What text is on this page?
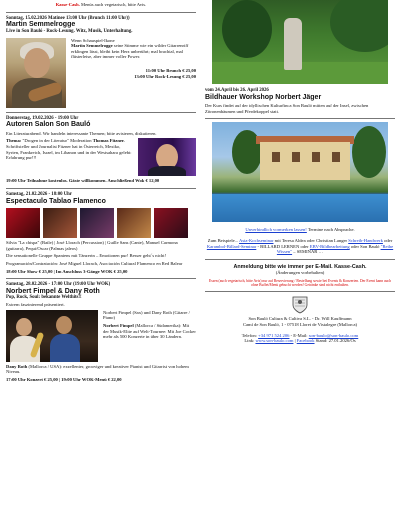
Kasse-Cash. Menüs auch vegetarisch, bitte Avis.
Sonntag, 15.02.2026 Matinee 13:00 Uhr (Brunch 11:00 Uhr))
Martin Semmelrogge
Live in Son Bauló - Rock-Lesung. Witz, Musik, Unterhaltung.

Wenn Schauspiel-Ikone
Martin Semmelrogge seine Stimme wie ein wilder Gitarrenriff erklingen lässt, bleibt kein Herz unberührt; mal brachial, mal flüsterleise, aber immer voller Power.

11:00 Uhr Brunch € 25,00
13:00 Uhr Rock-Lesung € 25,00
Donnerstag, 19.02.2026 - 19:00 Uhr
Autoren Salon Son Bauló

Ein Literaturabend. Wir handeln interessante Themen; bitte avisieren, diskutieren.

Thema: "Drogen in der Literatur" Moderation Thomas Fitzner. Schriftsteller und Journalist Fitzner hat in Österreich, Mexiko, Syrien, Frankreich, Israel, im Libanon und in der Westsahara gelebt: Erfahrung pur!!!

19:00 Uhr Teilnahme kostenlos. Gäste willkommen. Anschließend Wok € 12,00

Samstag, 21.02.2026 - 18:00 Uhr
Espectaculo Tablao Flamenco

Silvia "La chispa" (Baile) | José Llorach (Percussion) | Guille Sans (Cante), Manuel Carmona (guitarra), Pequi/Oscar (Palmas jaleos)

Die sensationelle Gruppe Spaniens mit Tänzerin – Emotionen pur! Besser geht´s nicht!

Programación/Contratación: José Miguel Llorach, Asociación Cultural Flamenco en Red Balear

18:00 Uhr Show € 25,00 | Im Anschluss 3-Gänge WOK € 25,00

Samstag, 28.02.2026 - 17:00 Uhr (19:00 Uhr WOK)
Norbert Fimpel & Dany Roth
Pop, Rock, Soul: bekannte Welthits!!

Extrem faszinierend präsentiert.

Norbert Fimpel (Sax) und Dany Roth (Gitarre / Piano)

Norbert Fimpel (Mallorca / Südamerika): Mit der Musik-Elite auf Welt-Tournee: Mit Joe Cocker mehr als 500 Konzerte in über 30 Ländern.

Dany Roth (Mallorca / USA): exzellenter, grooviger und kreativer Pianist und Gitarrist von hohem Niveau.

17:00 Uhr Konzert € 25,00 | 19:00 Uhr WOK-Menü € 22,00

vom 24.April bis 26. April 2026
Bildhauer Workshop Norbert Jäger

Der Kurs findet auf der idyllischen Kulturfinca Son Bauló mitten auf der Insel, zwischen Zitronenbäumen und Pferdekoppel statt.

Unverbindlich vormerken lassen! Termine nach Absprache.

Zum Beispiele... Asia-Kochseminar mit Teresa Aldea oder Christian Langer Schreib-Handwerk oder Karambol-Billard-Seminar - BILLARD LERNEN oder EBV-Bildbearbeitung oder Son Bauló "Reihe Wissen" – SEMINAR …

Anmeldung bitte wie immer per E-Mail. Kasse-Cash.
(Änderungen vorbehalten)
Essen (auch vegetarisch, bitte Avis) nur auf Reservierung / Bestellung sowie bei Events & Konzerten. Der Event kann auch ohne Buffet/Menü gebucht werden! Getränke sind nicht enthalten.
Son Bauló Cultura & Cultiva S.L. - Dr. Will Kauffmann
Camí de Son Bauló, 1 - 07518 Lloret de Vistalegre (Mallorca)
Telefon: +34 971 524 206 - E-Mail: son-baulo@son-baulo.com
Link: www.son-baulo.com | Facebook Stand: 27.01.2026/Ös
